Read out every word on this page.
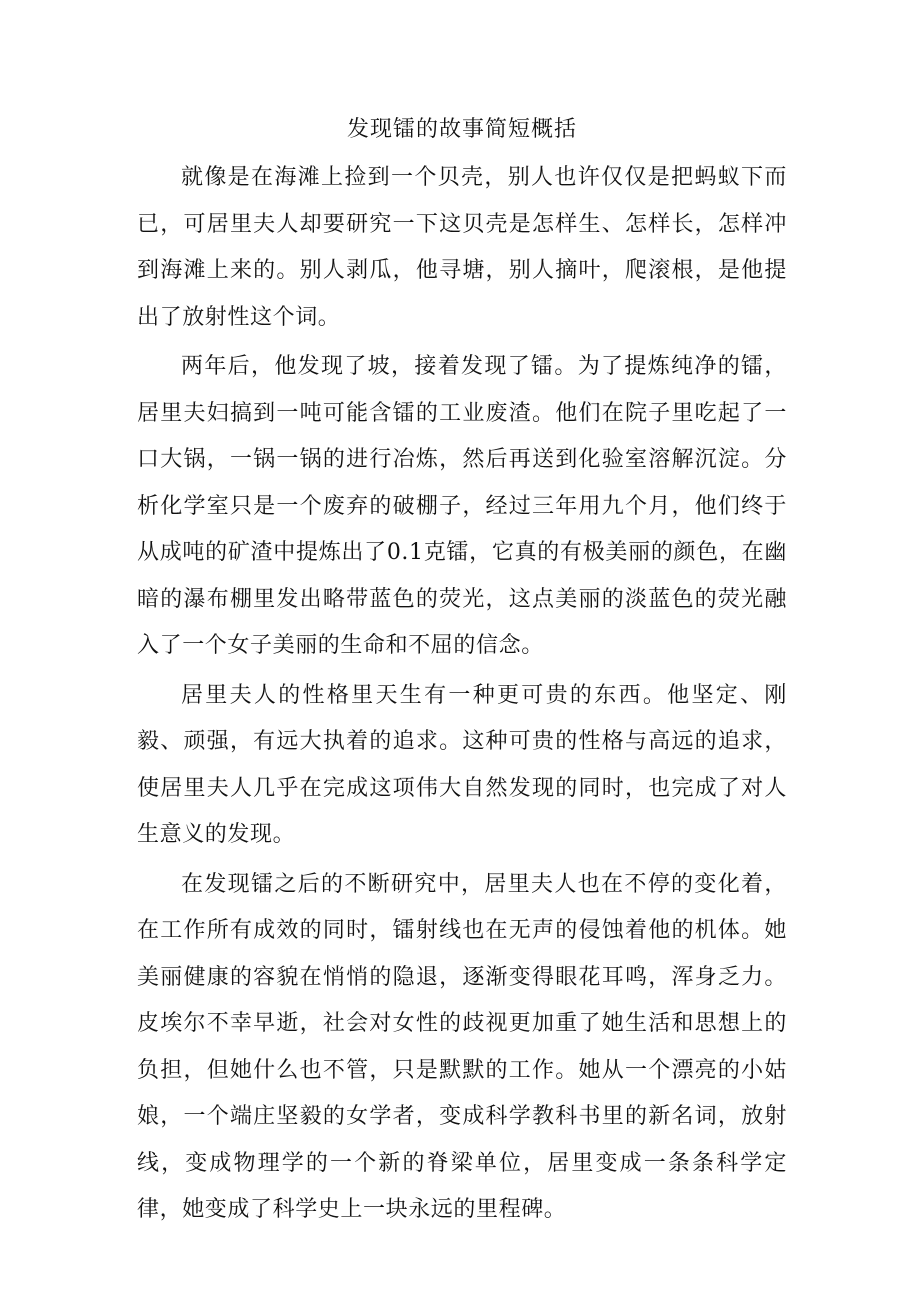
发现镭的故事简短概括

就像是在海滩上捡到一个贝壳，别人也许仅仅是把蚂蚁下而已，可居里夫人却要研究一下这贝壳是怎样生、怎样长，怎样冲到海滩上来的。别人剥瓜，他寻塘，别人摘叶，爬滚根，是他提出了放射性这个词。

两年后，他发现了坡，接着发现了镭。为了提炼纯净的镭，居里夫妇搞到一吨可能含镭的工业废渣。他们在院子里吃起了一口大锅，一锅一锅的进行冶炼，然后再送到化验室溶解沉淀。分析化学室只是一个废弃的破棚子，经过三年用九个月，他们终于从成吨的矿渣中提炼出了0.1克镭，它真的有极美丽的颜色，在幽暗的瀑布棚里发出略带蓝色的荧光，这点美丽的淡蓝色的荧光融入了一个女子美丽的生命和不屈的信念。

居里夫人的性格里天生有一种更可贵的东西。他坚定、刚毅、顽强，有远大执着的追求。这种可贵的性格与高远的追求，使居里夫人几乎在完成这项伟大自然发现的同时，也完成了对人生意义的发现。

在发现镭之后的不断研究中，居里夫人也在不停的变化着，在工作所有成效的同时，镭射线也在无声的侵蚀着他的机体。她美丽健康的容貌在悄悄的隐退，逐渐变得眼花耳鸣，浑身乏力。皮埃尔不幸早逝，社会对女性的歧视更加重了她生活和思想上的负担，但她什么也不管，只是默默的工作。她从一个漂亮的小姑娘，一个端庄坚毅的女学者，变成科学教科书里的新名词，放射线，变成物理学的一个新的脊梁单位，居里变成一条条科学定律，她变成了科学史上一块永远的里程碑。
